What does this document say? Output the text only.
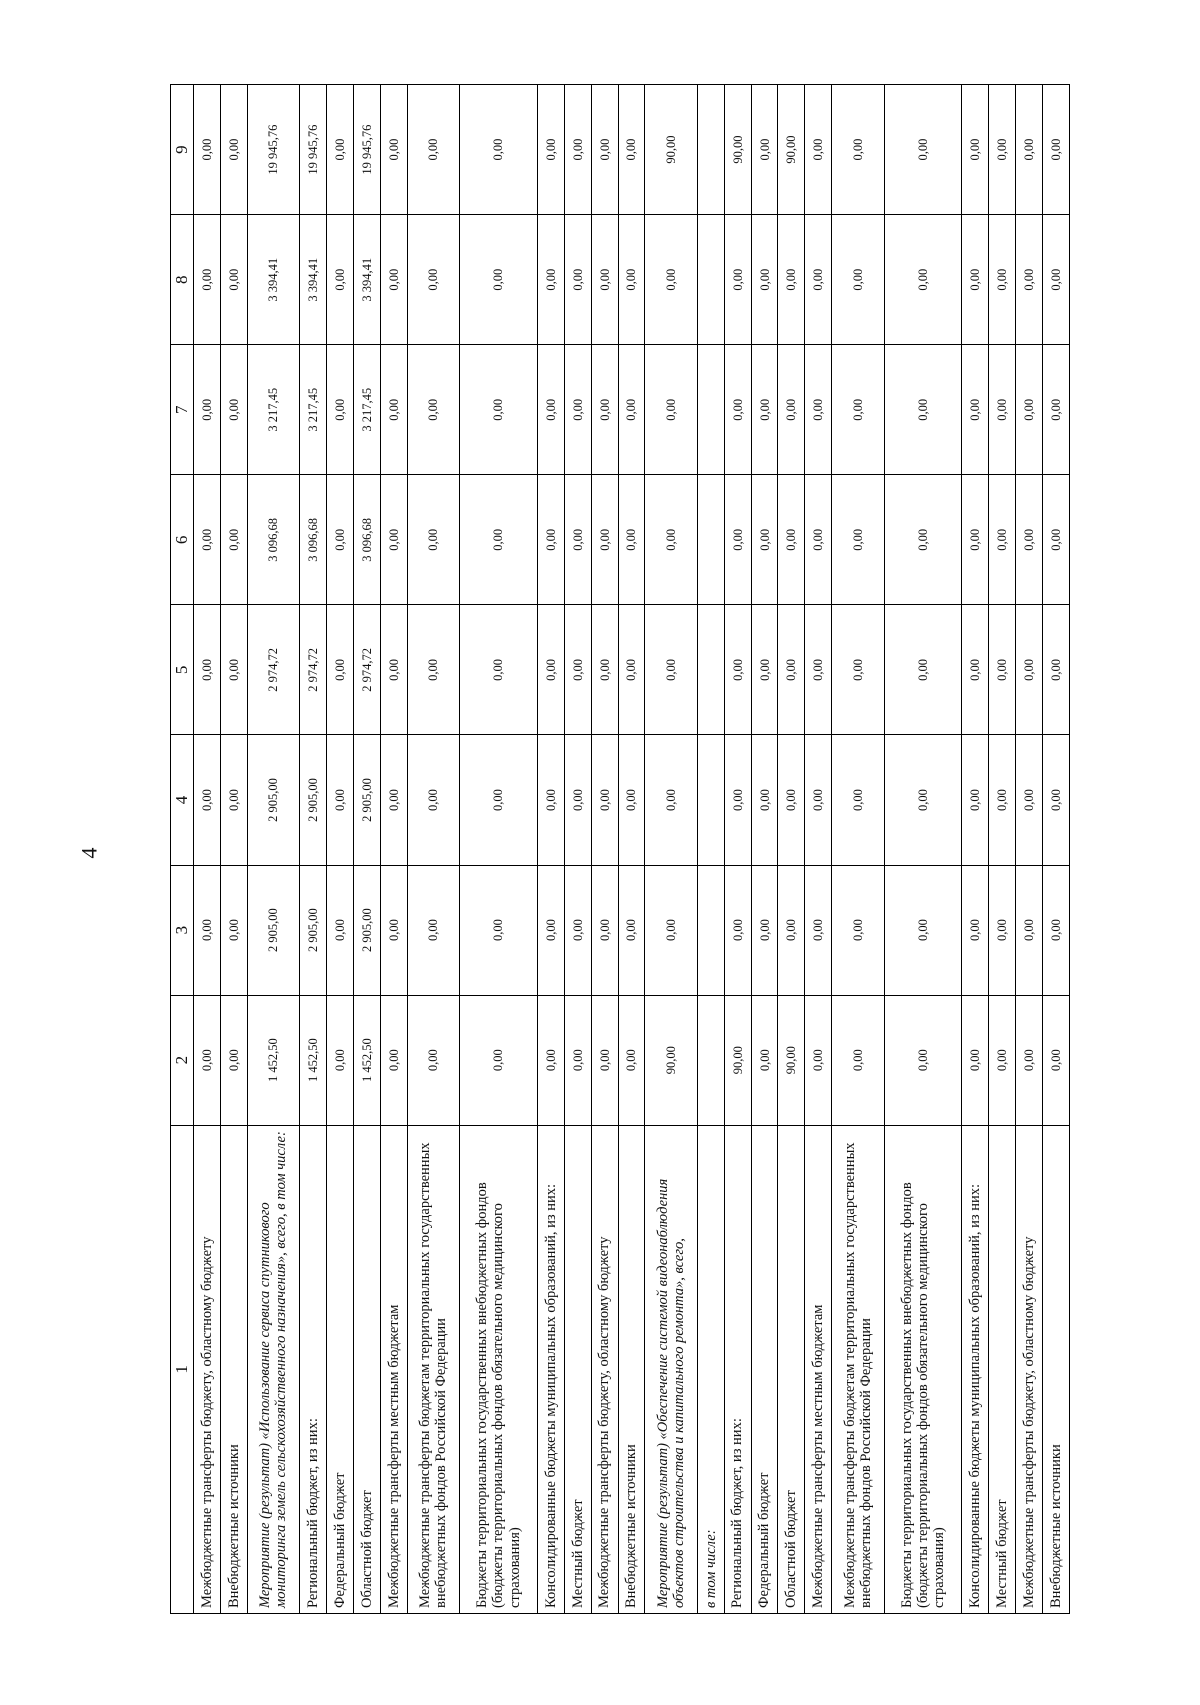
4
1	2	3	4	5	6	7	8	9
Межбюджетные трансферты бюджету, областному бюджету	0,00	0,00	0,00	0,00	0,00	0,00	0,00	0,00
Внебюджетные источники	0,00	0,00	0,00	0,00	0,00	0,00	0,00	0,00
Мероприятие (результат) «Использование сервиса спутникового мониторинга земель сельскохозяйственного назначения», всего, в том числе:	1 452,50	2 905,00	2 905,00	2 974,72	3 096,68	3 217,45	3 394,41	19 945,76
Региональный бюджет, из них:	1 452,50	2 905,00	2 905,00	2 974,72	3 096,68	3 217,45	3 394,41	19 945,76
Федеральный бюджет	0,00	0,00	0,00	0,00	0,00	0,00	0,00	0,00
Областной бюджет	1 452,50	2 905,00	2 905,00	2 974,72	3 096,68	3 217,45	3 394,41	19 945,76
Межбюджетные трансферты местным бюджетам	0,00	0,00	0,00	0,00	0,00	0,00	0,00	0,00
Межбюджетные трансферты бюджетам территориальных государственных внебюджетных фондов Российской Федерации	0,00	0,00	0,00	0,00	0,00	0,00	0,00	0,00
Бюджеты территориальных государственных внебюджетных фондов (бюджеты территориальных фондов обязательного медицинского страхования)	0,00	0,00	0,00	0,00	0,00	0,00	0,00	0,00
Консолидированные бюджеты муниципальных образований, из них:	0,00	0,00	0,00	0,00	0,00	0,00	0,00	0,00
Местный бюджет	0,00	0,00	0,00	0,00	0,00	0,00	0,00	0,00
Межбюджетные трансферты бюджету, областному бюджету	0,00	0,00	0,00	0,00	0,00	0,00	0,00	0,00
Внебюджетные источники	0,00	0,00	0,00	0,00	0,00	0,00	0,00	0,00
Мероприятие (результат) «Обеспечение системой видеонаблюдения объектов строительства и капитального ремонта», всего,	90,00	0,00	0,00	0,00	0,00	0,00	0,00	90,00
в том числе:								
Региональный бюджет, из них:	90,00	0,00	0,00	0,00	0,00	0,00	0,00	90,00
Федеральный бюджет	0,00	0,00	0,00	0,00	0,00	0,00	0,00	0,00
Областной бюджет	90,00	0,00	0,00	0,00	0,00	0,00	0,00	90,00
Межбюджетные трансферты местным бюджетам	0,00	0,00	0,00	0,00	0,00	0,00	0,00	0,00
Межбюджетные трансферты бюджетам территориальных государственных внебюджетных фондов Российской Федерации	0,00	0,00	0,00	0,00	0,00	0,00	0,00	0,00
Бюджеты территориальных государственных внебюджетных фондов (бюджеты территориальных фондов обязательного медицинского страхования)	0,00	0,00	0,00	0,00	0,00	0,00	0,00	0,00
Консолидированные бюджеты муниципальных образований, из них:	0,00	0,00	0,00	0,00	0,00	0,00	0,00	0,00
Местный бюджет	0,00	0,00	0,00	0,00	0,00	0,00	0,00	0,00
Межбюджетные трансферты бюджету, областному бюджету	0,00	0,00	0,00	0,00	0,00	0,00	0,00	0,00
Внебюджетные источники	0,00	0,00	0,00	0,00	0,00	0,00	0,00	0,00
